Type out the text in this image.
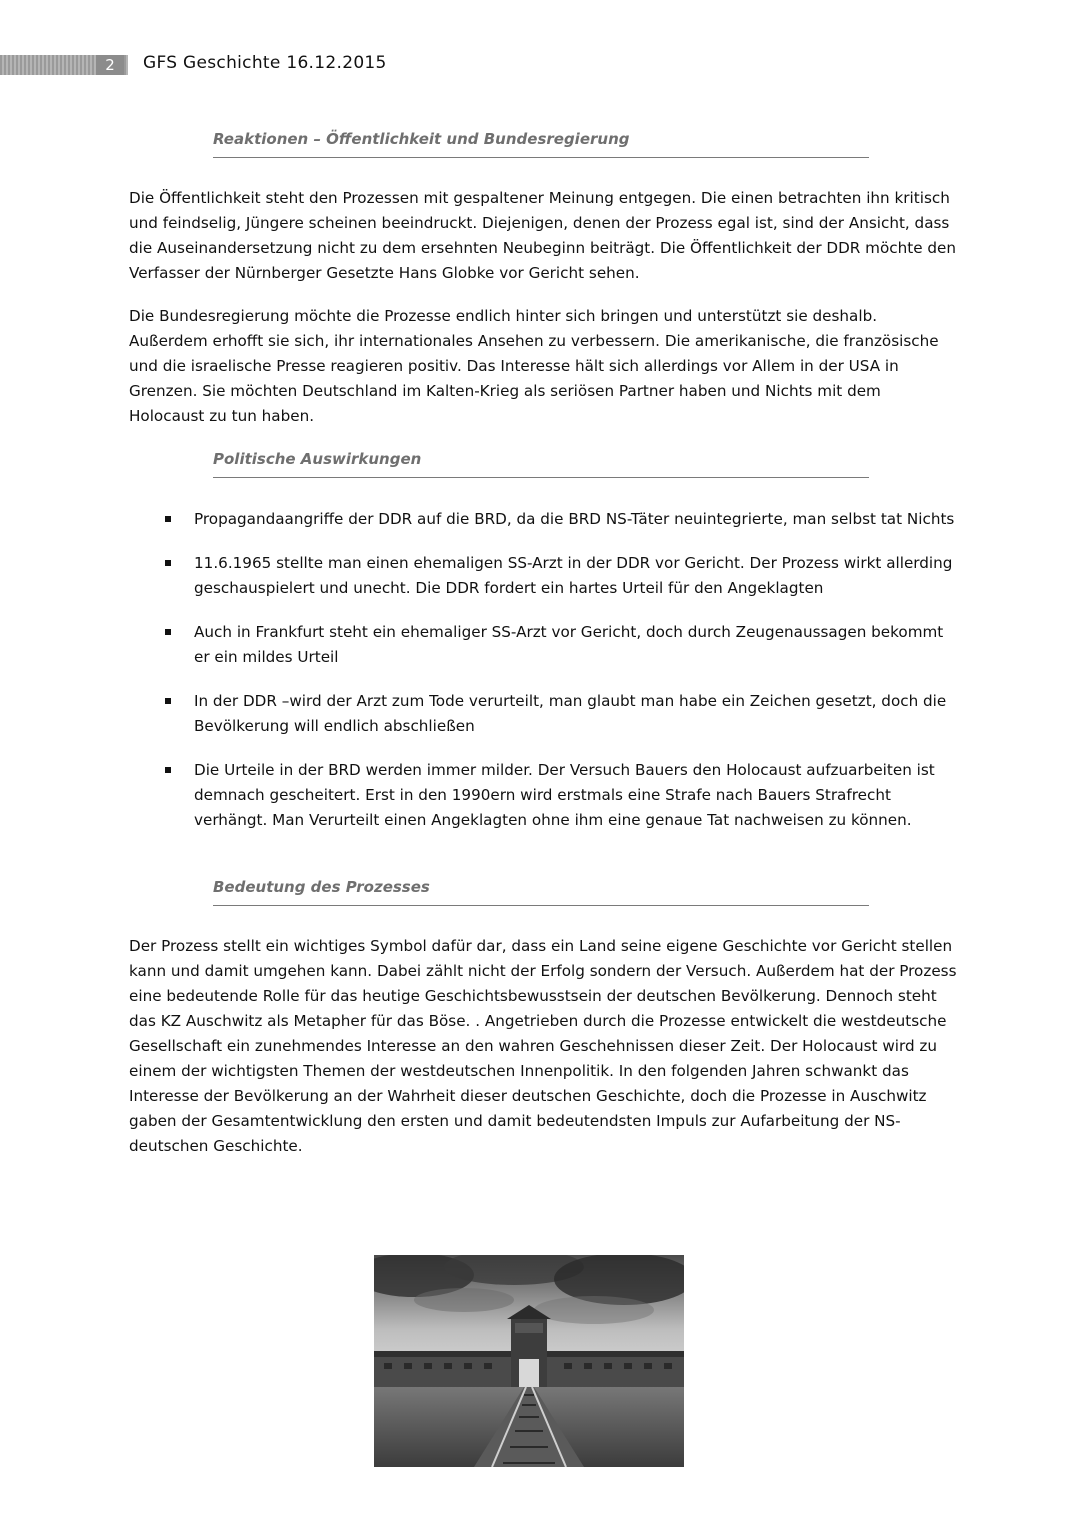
2	GFS Geschichte 16.12.2015
Reaktionen – Öffentlichkeit und Bundesregierung

Die Öffentlichkeit steht den Prozessen mit gespaltener Meinung entgegen. Die einen betrachten ihn kritisch und feindselig, Jüngere scheinen beeindruckt. Diejenigen, denen der Prozess egal ist, sind der Ansicht, dass die Auseinandersetzung nicht zu dem ersehnten Neubeginn beiträgt. Die Öffentlichkeit der DDR möchte den Verfasser der Nürnberger Gesetzte Hans Globke vor Gericht sehen.

Die Bundesregierung möchte die Prozesse endlich hinter sich bringen und unterstützt sie deshalb. Außerdem erhofft sie sich, ihr internationales Ansehen zu verbessern. Die amerikanische, die französische und die israelische Presse reagieren positiv. Das Interesse hält sich allerdings vor Allem in der USA in Grenzen. Sie möchten Deutschland im Kalten-Krieg als seriösen Partner haben und Nichts mit dem Holocaust zu tun haben.

Politische Auswirkungen
Propagandaangriffe der DDR auf die BRD, da die BRD NS-Täter neuintegrierte, man selbst tat Nichts
11.6.1965 stellte man einen ehemaligen SS-Arzt in der DDR vor Gericht. Der Prozess wirkt allerding geschauspielert und unecht. Die DDR fordert ein hartes Urteil für den Angeklagten
Auch in Frankfurt steht ein ehemaliger SS-Arzt vor Gericht, doch durch Zeugenaussagen bekommt er ein mildes Urteil
In der DDR –wird der Arzt zum Tode verurteilt, man glaubt man habe ein Zeichen gesetzt, doch die Bevölkerung will endlich abschließen
Die Urteile in der BRD werden immer milder. Der Versuch Bauers den Holocaust aufzuarbeiten ist demnach gescheitert. Erst in den 1990ern wird erstmals eine Strafe nach Bauers Strafrecht verhängt. Man Verurteilt einen Angeklagten ohne ihm eine genaue Tat nachweisen zu können.
Bedeutung des Prozesses

Der Prozess stellt ein wichtiges Symbol dafür dar, dass ein Land seine eigene Geschichte vor Gericht stellen kann und damit umgehen kann. Dabei zählt nicht der Erfolg sondern der Versuch. Außerdem hat der Prozess eine bedeutende Rolle für das heutige Geschichtsbewusstsein der deutschen Bevölkerung. Dennoch steht das KZ Auschwitz als Metapher für das Böse. . Angetrieben durch die Prozesse entwickelt die westdeutsche Gesellschaft ein zunehmendes Interesse an den wahren Geschehnissen dieser Zeit. Der Holocaust wird zu einem der wichtigsten Themen der westdeutschen Innenpolitik. In den folgenden Jahren schwankt das Interesse der Bevölkerung an der Wahrheit dieser deutschen Geschichte, doch die Prozesse in Auschwitz gaben der Gesamtentwicklung den ersten und damit bedeutendsten Impuls zur Aufarbeitung der NS-deutschen Geschichte.
